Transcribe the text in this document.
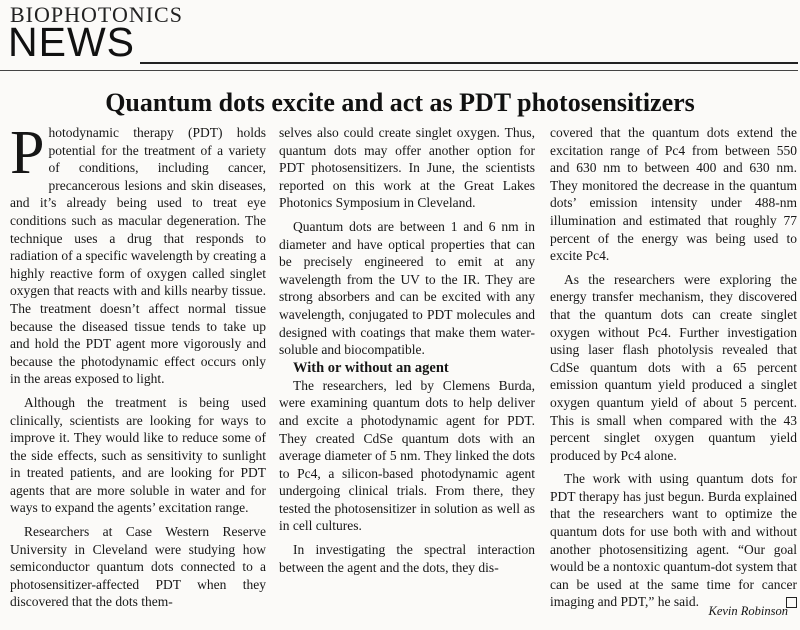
BIOPHOTONICS
NEWS
Quantum dots excite and act as PDT photosensitizers

Photodynamic therapy (PDT) holds potential for the treatment of a variety of conditions, including cancer, precancerous lesions and skin diseases, and it’s already being used to treat eye conditions such as macular degeneration. The technique uses a drug that responds to radiation of a specific wavelength by creating a highly reactive form of oxygen called singlet oxygen that reacts with and kills nearby tissue. The treatment doesn’t affect normal tissue because the diseased tissue tends to take up and hold the PDT agent more vigorously and because the photodynamic effect occurs only in the areas exposed to light.

Although the treatment is being used clinically, scientists are looking for ways to improve it. They would like to reduce some of the side effects, such as sensitivity to sunlight in treated patients, and are looking for PDT agents that are more soluble in water and for ways to expand the agents’ excitation range.

Researchers at Case Western Reserve University in Cleveland were studying how semiconductor quantum dots connected to a photosensitizer-affected PDT when they discovered that the dots them-

selves also could create singlet oxygen. Thus, quantum dots may offer another option for PDT photosensitizers. In June, the scientists reported on this work at the Great Lakes Photonics Symposium in Cleveland.

Quantum dots are between 1 and 6 nm in diameter and have optical properties that can be precisely engineered to emit at any wavelength from the UV to the IR. They are strong absorbers and can be excited with any wavelength, conjugated to PDT molecules and designed with coatings that make them water-soluble and biocompatible.

With or without an agent

The researchers, led by Clemens Burda, were examining quantum dots to help deliver and excite a photodynamic agent for PDT. They created CdSe quantum dots with an average diameter of 5 nm. They linked the dots to Pc4, a silicon-based photodynamic agent undergoing clinical trials. From there, they tested the photosensitizer in solution as well as in cell cultures.

In investigating the spectral interaction between the agent and the dots, they dis-

covered that the quantum dots extend the excitation range of Pc4 from between 550 and 630 nm to between 400 and 630 nm. They monitored the decrease in the quantum dots’ emission intensity under 488-nm illumination and estimated that roughly 77 percent of the energy was being used to excite Pc4.

As the researchers were exploring the energy transfer mechanism, they discovered that the quantum dots can create singlet oxygen without Pc4. Further investigation using laser flash photolysis revealed that CdSe quantum dots with a 65 percent emission quantum yield produced a singlet oxygen quantum yield of about 5 percent. This is small when compared with the 43 percent singlet oxygen quantum yield produced by Pc4 alone.

The work with using quantum dots for PDT therapy has just begun. Burda explained that the researchers want to optimize the quantum dots for use both with and without another photosensitizing agent. “Our goal would be a nontoxic quantum-dot system that can be used at the same time for cancer imaging and PDT,” he said.

Kevin Robinson
